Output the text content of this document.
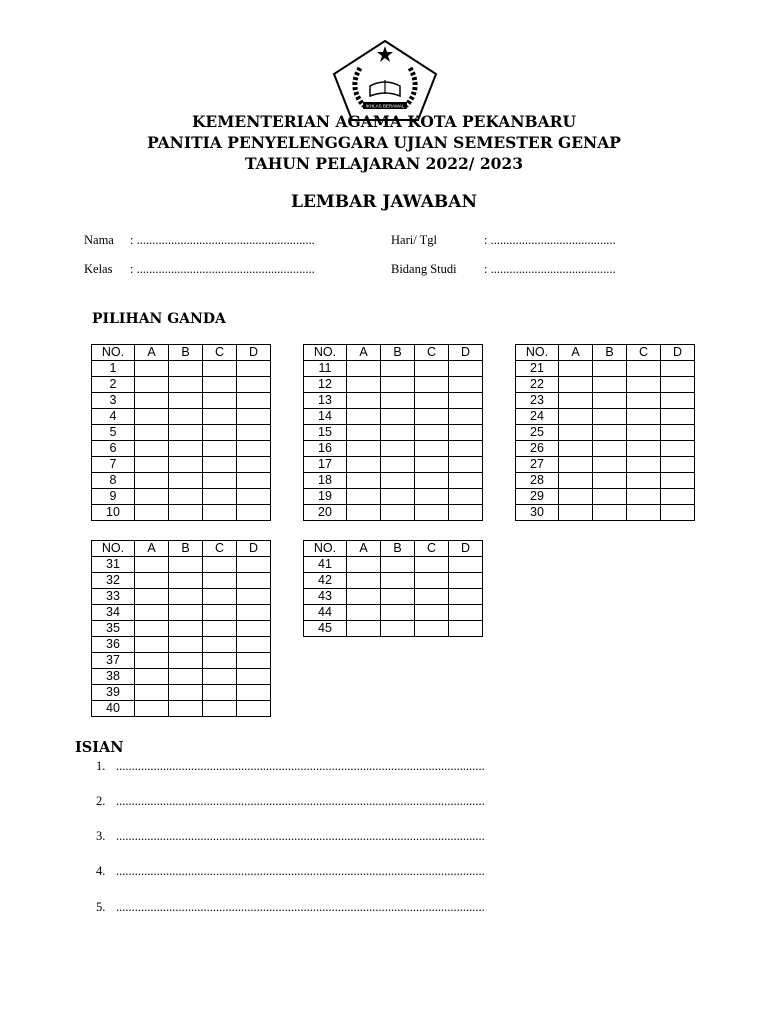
IKHLAS BERAMAL
KEMENTERIAN AGAMA KOTA PEKANBARU
PANITIA PENYELENGGARA UJIAN SEMESTER GENAP
TAHUN PELAJARAN 2022/ 2023
LEMBAR JAWABAN
Nama : .........................................................
Kelas : .........................................................
Hari/ Tgl	: ........................................
Bidang Studi : ........................................
PILIHAN GANDA
NO.	A	B	C	D
1				
2				
3				
4				
5				
6				
7				
8				
9				
10				
NO.	A	B	C	D
11				
12				
13				
14				
15				
16				
17				
18				
19				
20				
NO.	A	B	C	D
21				
22				
23				
24				
25				
26				
27				
28				
29				
30				
NO.	A	B	C	D
31				
32				
33				
34				
35				
36				
37				
38				
39				
40				
NO.	A	B	C	D
41				
42				
43				
44				
45				
ISIAN
1. ......................................................................................................................
2. ......................................................................................................................
3. ......................................................................................................................
4. ......................................................................................................................
5. ......................................................................................................................
